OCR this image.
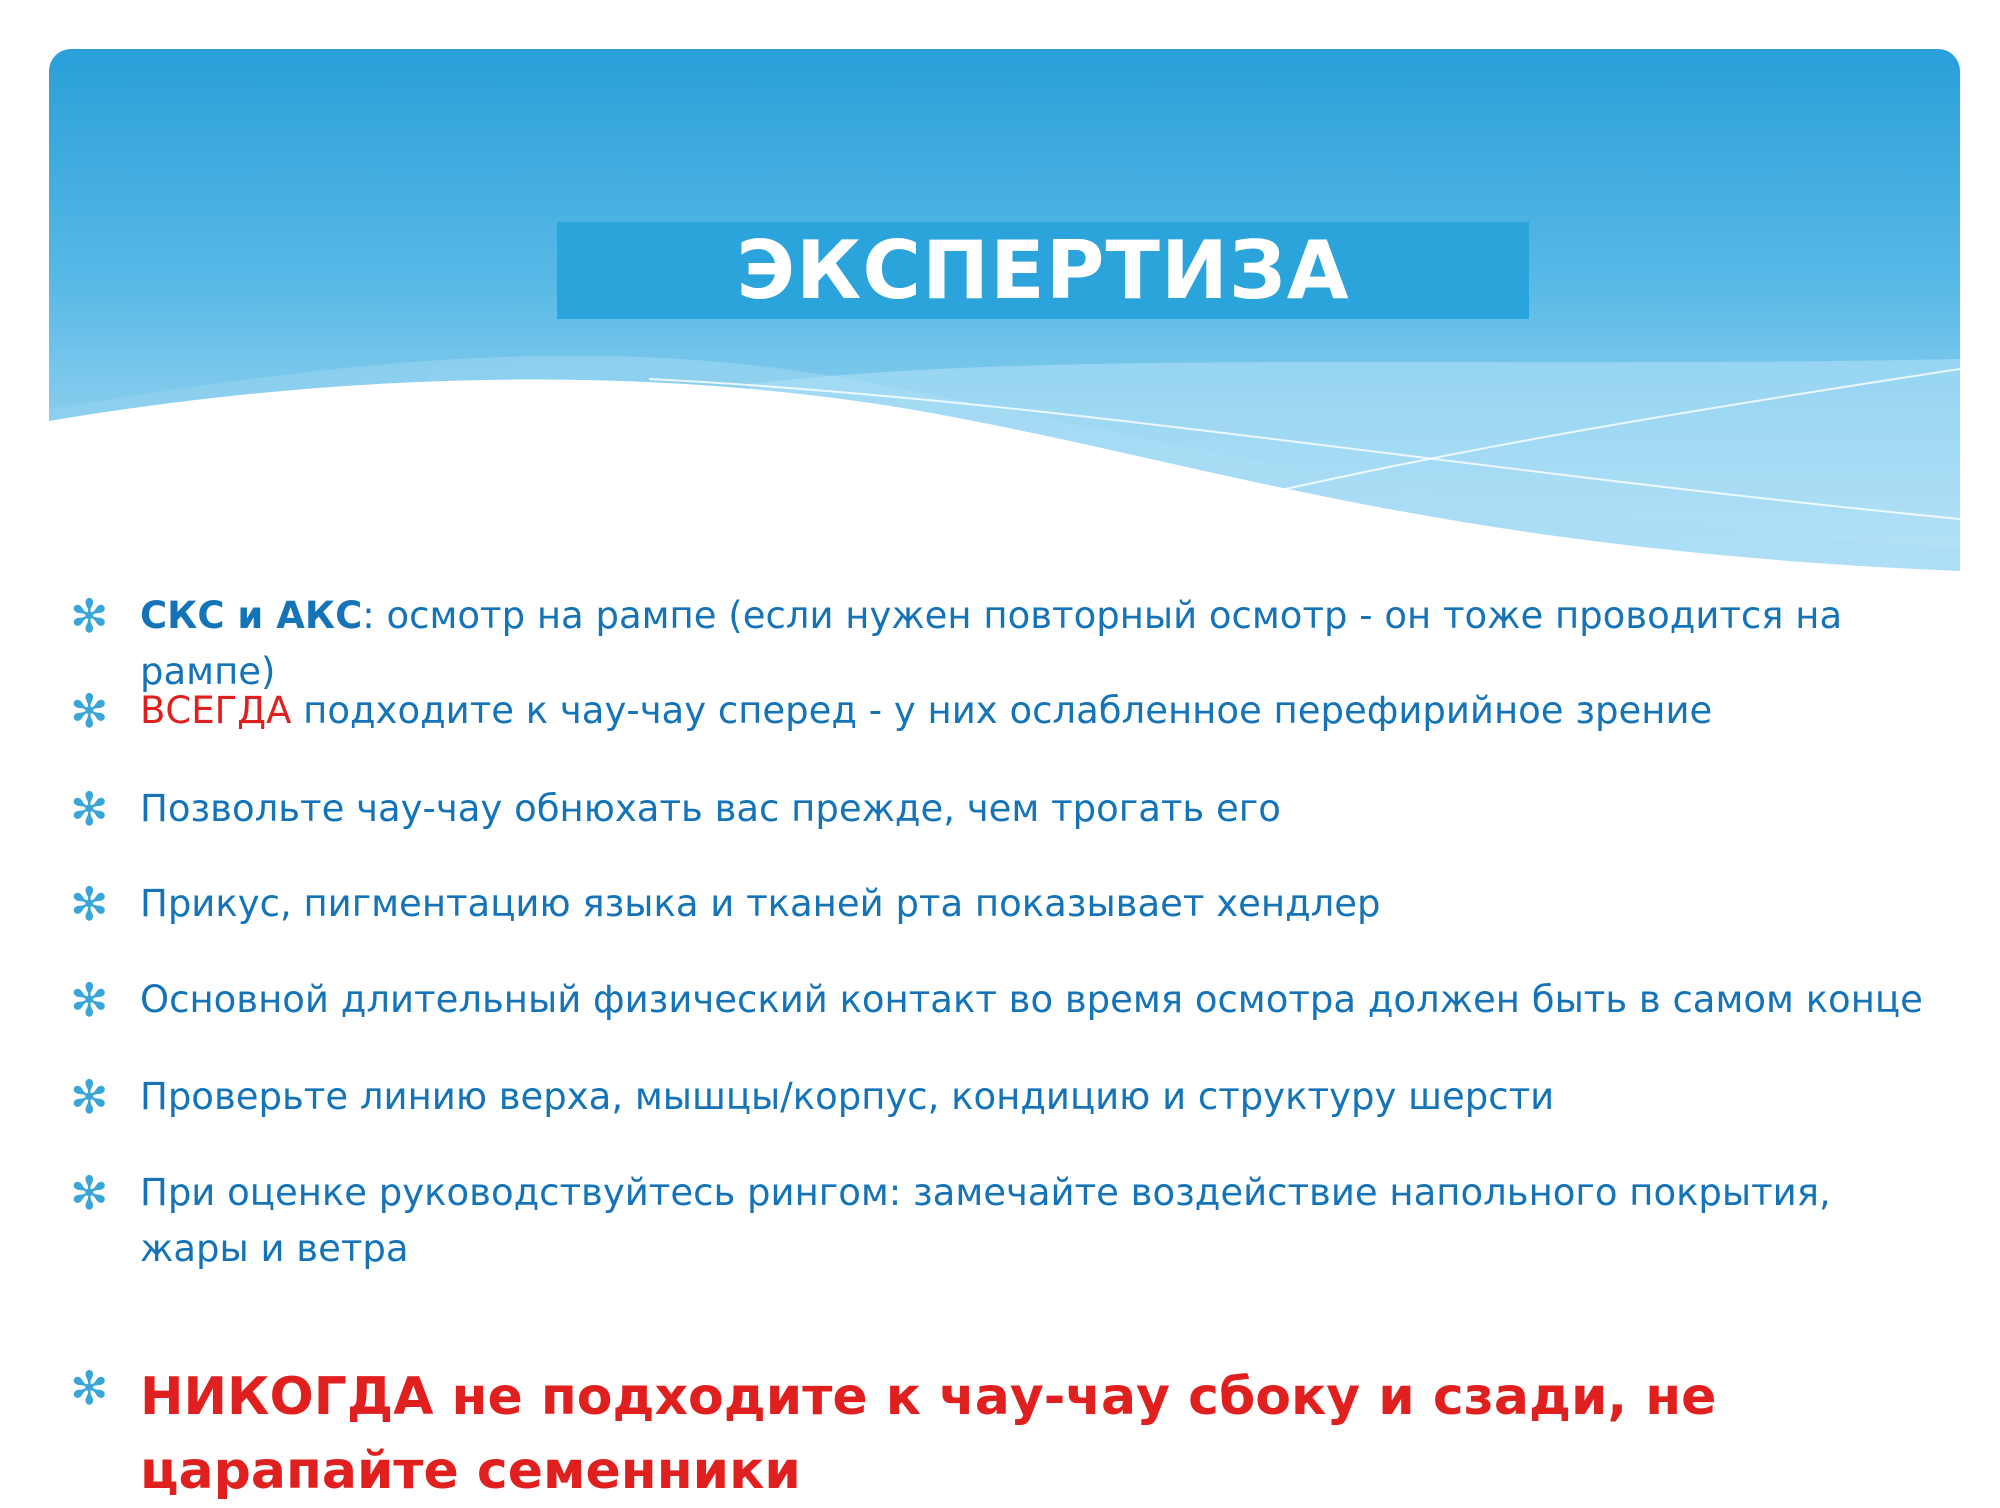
ЭКСПЕРТИЗА
✻ СКС и АКС: осмотр на рампе (если нужен повторный осмотр - он тоже проводится на рампе)
✻ ВСЕГДА подходите к чау-чау сперед - у них ослабленное перефирийное зрение
✻ Позвольте чау-чау обнюхать вас прежде, чем трогать его
✻ Прикус, пигментацию языка и тканей рта показывает хендлер
✻ Основной длительный физический контакт во время осмотра должен быть в самом конце
✻ Проверьте линию верха, мышцы/корпус, кондицию и структуру шерсти
✻ При оценке руководствуйтесь рингом: замечайте воздействие напольного покрытия, жары и ветра
✻ НИКОГДА не подходите к чау-чау сбоку и сзади, не царапайте семенники
